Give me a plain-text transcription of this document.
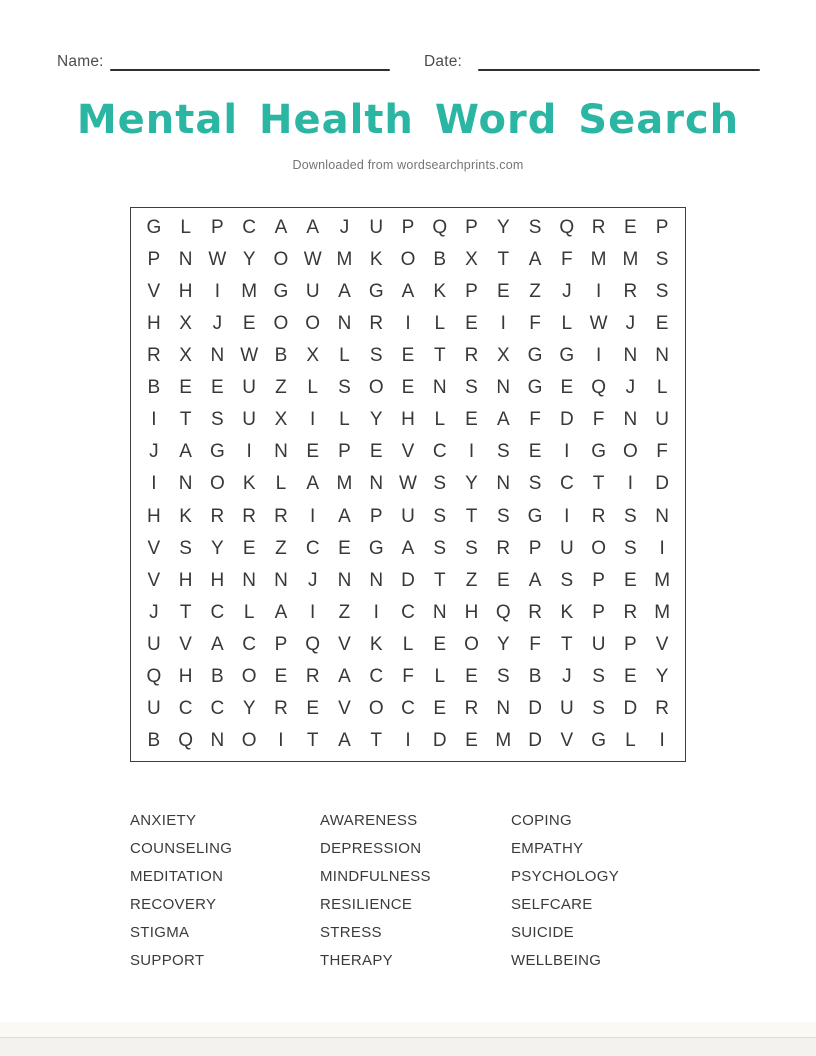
Name:	Date:
Mental Health Word Search
Downloaded from wordsearchprints.com
G	L	P C A	A	J	U P Q P	Y	S Q R E	P
P N W Y O W M K O B	X	T	A	F M M S
V H	I	M G U A G A	K	P	E	Z	J	I	R S
H X	J	E O O N R	I	L	E	I	F	L W J	E
R X N W B	X	L	S	E	T	R X G G	I	N N
B	E	E U	Z	L	S O E N S N G E Q	J	L
I	T	S U X	I	L	Y H	L	E	A	F	D	F	N U
J	A G	I	N E	P	E	V C	I	S	E	I	G O F
I	N O K	L	A M N W S	Y N S C	T	I	D
H K R R R	I	A	P U S	T	S G	I	R S N
V	S	Y	E	Z	C E G A	S	S R P U O S	I
V H H N N	J	N N D	T	Z	E	A	S	P	E M
J	T	C	L	A	I	Z	I	C N H Q R K	P R M
U V	A C P Q V	K	L	E O Y	F	T	U P	V
Q H B O E R A C	F	L	E	S	B	J	S	E	Y
U C C Y R E	V O C E R N D U S D R
B Q N O	I	T	A	T	I	D E M D V G	L	I
ANXIETY	AWARENESS	COPING
COUNSELING	DEPRESSION	EMPATHY
MEDITATION	MINDFULNESS	PSYCHOLOGY
RECOVERY	RESILIENCE	SELFCARE
STIGMA	STRESS	SUICIDE
SUPPORT	THERAPY	WELLBEING
